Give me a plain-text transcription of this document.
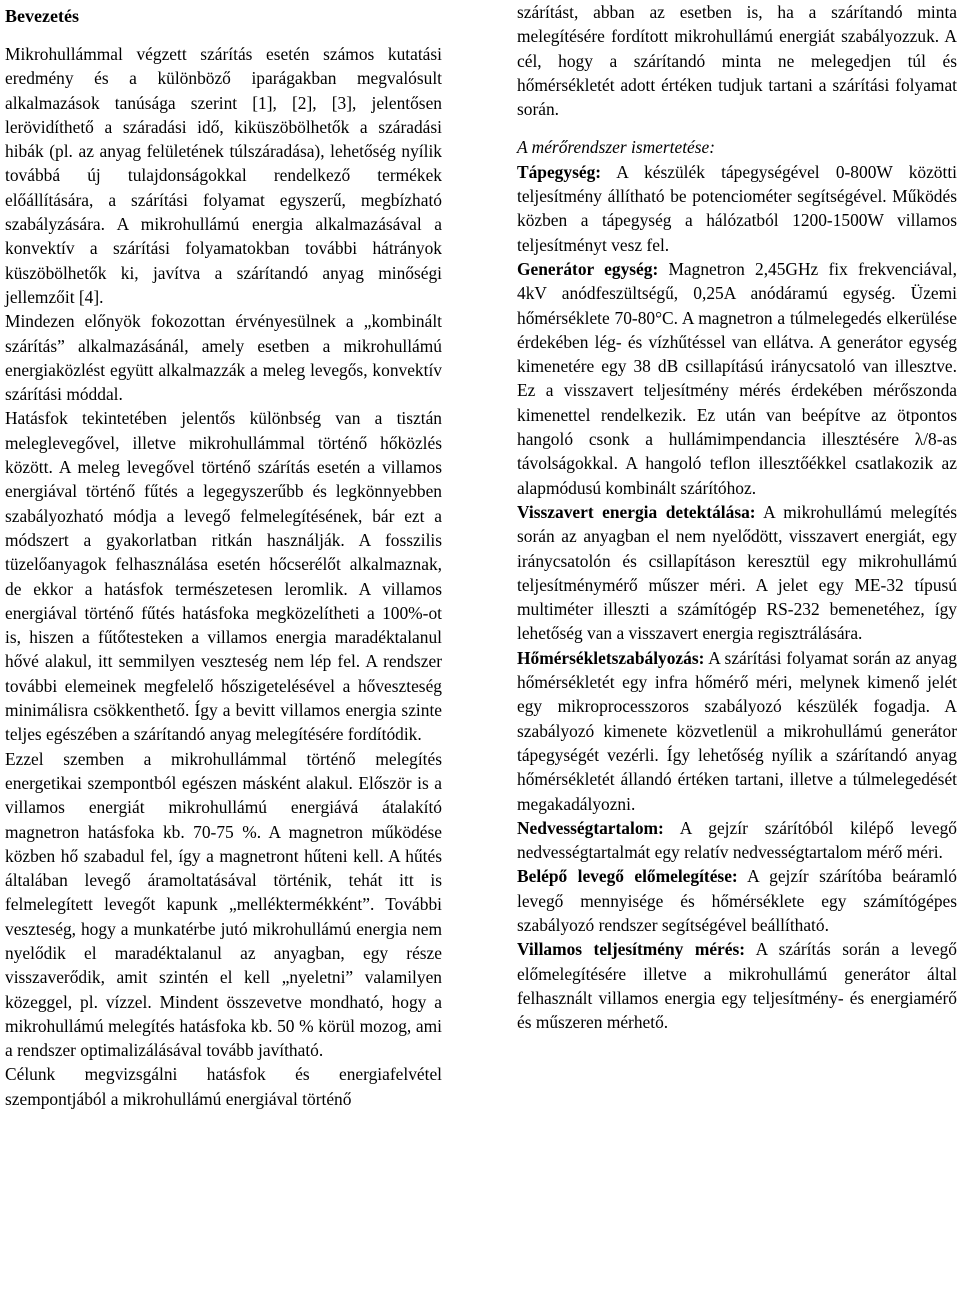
Bevezetés

Mikrohullámmal végzett szárítás esetén számos kutatási eredmény és a különböző iparágakban megvalósult alkalmazások tanúsága szerint [1], [2], [3], jelentősen lerövidíthető a száradási idő, kiküszöbölhetők a száradási hibák (pl. az anyag felületének túlszáradása), lehetőség nyílik továbbá új tulajdonságokkal rendelkező termékek előállítására, a szárítási folyamat egyszerű, megbízható szabályzására. A mikrohullámú energia alkalmazásával a konvektív a szárítási folyamatokban további hátrányok küszöbölhetők ki, javítva a szárítandó anyag minőségi jellemzőit [4].

Mindezen előnyök fokozottan érvényesülnek a „kombinált szárítás” alkalmazásánál, amely esetben a mikrohullámú energiaközlést együtt alkalmazzák a meleg levegős, konvektív szárítási móddal.

Hatásfok tekintetében jelentős különbség van a tisztán meleglevegővel, illetve mikrohullámmal történő hőközlés között. A meleg levegővel történő szárítás esetén a villamos energiával történő fűtés a legegyszerűbb és legkönnyebben szabályozható módja a levegő felmelegítésének, bár ezt a módszert a gyakorlatban ritkán használják. A fosszilis tüzelőanyagok felhasználása esetén hőcserélőt alkalmaznak, de ekkor a hatásfok természetesen leromlik. A villamos energiával történő fűtés hatásfoka megközelítheti a 100%-ot is, hiszen a fűtőtesteken a villamos energia maradéktalanul hővé alakul, itt semmilyen veszteség nem lép fel. A rendszer további elemeinek megfelelő hőszigetelésével a hőveszteség minimálisra csökkenthető. Így a bevitt villamos energia szinte teljes egészében a szárítandó anyag melegítésére fordítódik.

Ezzel szemben a mikrohullámmal történő melegítés energetikai szempontból egészen másként alakul. Először is a villamos energiát mikrohullámú energiává átalakító magnetron hatásfoka kb. 70-75 %. A magnetron működése közben hő szabadul fel, így a magnetront hűteni kell. A hűtés általában levegő áramoltatásával történik, tehát itt is felmelegített levegőt kapunk „melléktermékként”. További veszteség, hogy a munkatérbe jutó mikrohullámú energia nem nyelődik el maradéktalanul az anyagban, egy része visszaverődik, amit szintén el kell „nyeletni” valamilyen közeggel, pl. vízzel. Mindent összevetve mondható, hogy a mikrohullámú melegítés hatásfoka kb. 50 % körül mozog, ami a rendszer optimalizálásával tovább javítható.

Célunk megvizsgálni hatásfok és energiafelvétel szempontjából a mikrohullámú energiával történő

szárítást, abban az esetben is, ha a szárítandó minta melegítésére fordított mikrohullámú energiát szabályozzuk. A cél, hogy a szárítandó minta ne melegedjen túl és hőmérsékletét adott értéken tudjuk tartani a szárítási folyamat során.

A mérőrendszer ismertetése:

Tápegység: A készülék tápegységével 0-800W közötti teljesítmény állítható be potenciométer segítségével. Működés közben a tápegység a hálózatból 1200-1500W villamos teljesítményt vesz fel.

Generátor egység: Magnetron 2,45GHz fix frekvenciával, 4kV anódfeszültségű, 0,25A anódáramú egység. Üzemi hőmérséklete 70-80°C. A magnetron a túlmelegedés elkerülése érdekében lég- és vízhűtéssel van ellátva. A generátor egység kimenetére egy 38 dB csillapítású iránycsatoló van illesztve. Ez a visszavert teljesítmény mérés érdekében mérőszonda kimenettel rendelkezik. Ez után van beépítve az ötpontos hangoló csonk a hullámimpendancia illesztésére λ/8-as távolságokkal. A hangoló teflon illesztőékkel csatlakozik az alapmódusú kombinált szárítóhoz.

Visszavert energia detektálása: A mikrohullámú melegítés során az anyagban el nem nyelődött, visszavert energiát, egy iránycsatolón és csillapításon keresztül egy mikrohullámú teljesítménymérő műszer méri. A jelet egy ME-32 típusú multiméter illeszti a számítógép RS-232 bemenetéhez, így lehetőség van a visszavert energia regisztrálására.

Hőmérsékletszabályozás: A szárítási folyamat során az anyag hőmérsékletét egy infra hőmérő méri, melynek kimenő jelét egy mikroprocesszoros szabályozó készülék fogadja. A szabályozó kimenete közvetlenül a mikrohullámú generátor tápegységét vezérli. Így lehetőség nyílik a szárítandó anyag hőmérsékletét állandó értéken tartani, illetve a túlmelegedését megakadályozni.

Nedvességtartalom: A gejzír szárítóból kilépő levegő nedvességtartalmát egy relatív nedvességtartalom mérő méri.

Belépő levegő előmelegítése: A gejzír szárítóba beáramló levegő mennyisége és hőmérséklete egy számítógépes szabályozó rendszer segítségével beállítható.

Villamos teljesítmény mérés: A szárítás során a levegő előmelegítésére illetve a mikrohullámú generátor által felhasznált villamos energia egy teljesítmény- és energiamérő és műszeren mérhető.
